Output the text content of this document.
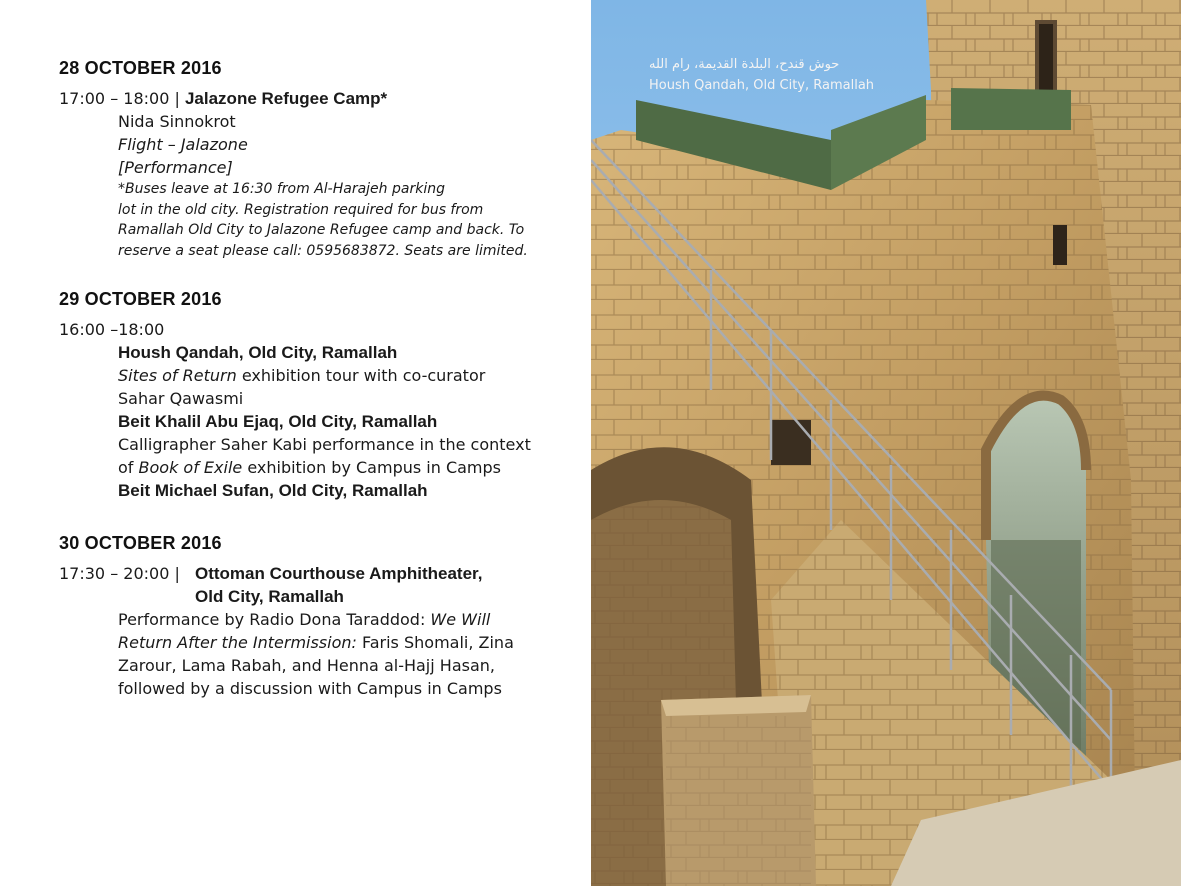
28 OCTOBER 2016
17:00 – 18:00 | Jalazone Refugee Camp*
Nida Sinnokrot
Flight – Jalazone
[Performance]
*Buses leave at 16:30 from Al-Harajeh parking
lot in the old city. Registration required for bus from
Ramallah Old City to Jalazone Refugee camp and back. To
reserve a seat please call: 0595683872. Seats are limited.
29 OCTOBER 2016
16:00 –18:00
Housh Qandah, Old City, Ramallah
Sites of Return exhibition tour with co-curator
Sahar Qawasmi
Beit Khalil Abu Ejaq, Old City, Ramallah
Calligrapher Saher Kabi performance in the context
of Book of Exile exhibition by Campus in Camps
Beit Michael Sufan, Old City, Ramallah
30 OCTOBER 2016
17:30 – 20:00 | Ottoman Courthouse Amphitheater,
Old City, Ramallah
Performance by Radio Dona Taraddod: We Will
Return After the Intermission: Faris Shomali, Zina
Zarour, Lama Rabah, and Henna al-Hajj Hasan,
followed by a discussion with Campus in Camps
حوش قندح، البلدة القديمة، رام الله
Housh Qandah, Old City, Ramallah
